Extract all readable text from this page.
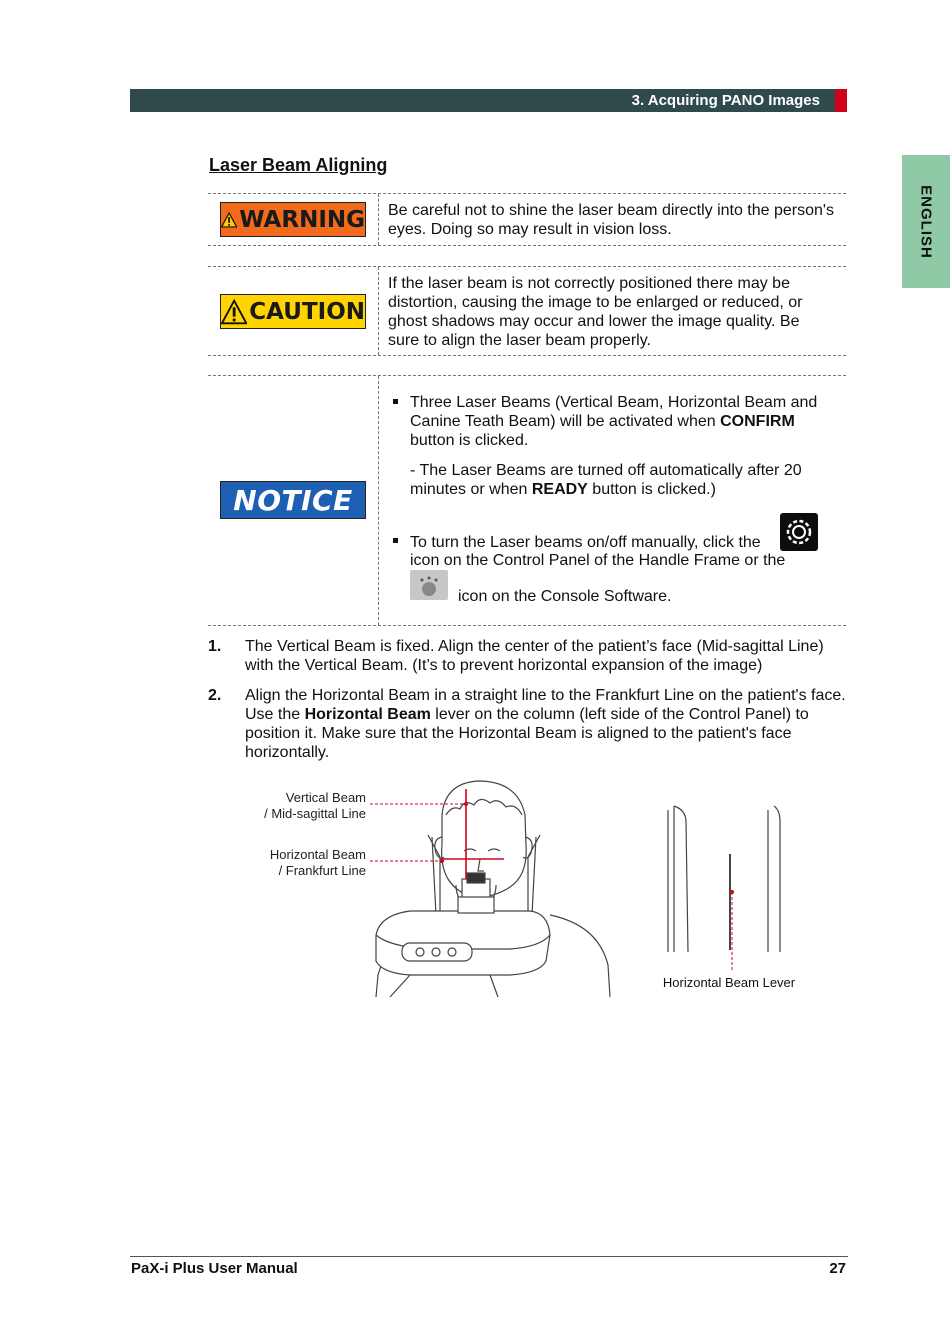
3. Acquiring PANO Images
ENGLISH
Laser Beam Aligning
WARNING Be careful not to shine the laser beam directly into the person's eyes. Doing so may result in vision loss.
CAUTION
If the laser beam is not correctly positioned there may be distortion, causing the image to be enlarged or reduced, or ghost shadows may occur and lower the image quality. Be sure to align the laser beam properly.
NOTICE
Three Laser Beams (Vertical Beam, Horizontal Beam and Canine Teath Beam) will be activated when CONFIRM button is clicked.
- The Laser Beams are turned off automatically after 20 minutes or when READY button is clicked.)
To turn the Laser beams on/off manually, click the
icon on the Control Panel of the Handle Frame or the
icon on the Console Software.
1. The Vertical Beam is fixed. Align the center of the patient’s face (Mid-sagittal Line) with the Vertical Beam. (It’s to prevent horizontal expansion of the image)
2. Align the Horizontal Beam in a straight line to the Frankfurt Line on the patient's face. Use the Horizontal Beam lever on the column (left side of the Control Panel) to position it. Make sure that the Horizontal Beam is aligned to the patient's face horizontally.
Vertical Beam
/ Mid-sagittal Line
Horizontal Beam
/ Frankfurt Line
Horizontal Beam Lever
PaX-i Plus User Manual	27
